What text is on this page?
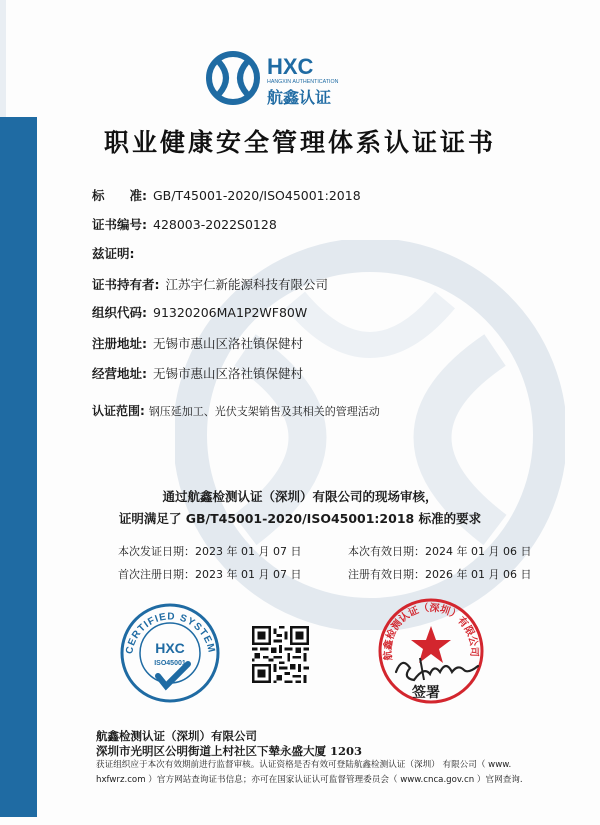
HXC
HANGXIN AUTHENTICATION
航鑫认证
职业健康安全管理体系认证证书
标　　准: GB/T45001-2020/ISO45001:2018
证书编号: 428003-2022S0128
兹证明:
证书持有者: 江苏宇仁新能源科技有限公司
组织代码: 91320206MA1P2WF80W
注册地址: 无锡市惠山区洛社镇保健村
经营地址: 无锡市惠山区洛社镇保健村
认证范围: 钢压延加工、光伏支架销售及其相关的管理活动
通过航鑫检测认证（深圳）有限公司的现场审核，
证明满足了 GB/T45001-2020/ISO45001:2018 标准的要求
本次发证日期：2023 年 01 月 07 日	本次有效日期：2024 年 01 月 06 日
首次注册日期：2023 年 01 月 07 日	注册有效日期：2026 年 01 月 06 日
CERTIFIED SYSTEM
HXC
ISO45001
航鑫检测认证（深圳）有限公司
签署
航鑫检测认证（深圳）有限公司
深圳市光明区公明街道上村社区下辇永盛大厦 1203
获证组织应于本次有效期前进行监督审核。认证资格是否有效可登陆航鑫检测认证（深圳） 有限公司（ www.
hxfwrz.com ）官方网站查询证书信息；亦可在国家认证认可监督管理委员会（ www.cnca.gov.cn ）官网查询.
